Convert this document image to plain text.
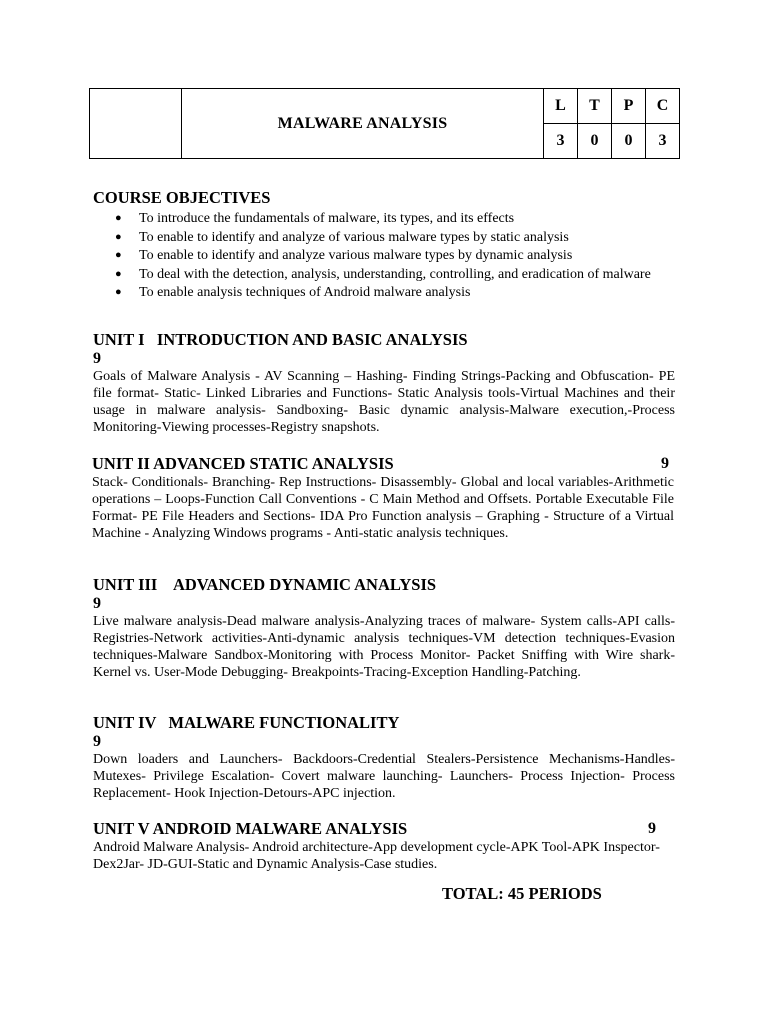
	MALWARE ANALYSIS	L	T	P	C
		3	0	0	3
COURSE OBJECTIVES
● To introduce the fundamentals of malware, its types, and its effects
● To enable to identify and analyze of various malware types by static analysis
● To enable to identify and analyze various malware types by dynamic analysis
● To deal with the detection, analysis, understanding, controlling, and eradication of malware
● To enable analysis techniques of Android malware analysis
UNIT I   INTRODUCTION AND BASIC ANALYSIS
9

Goals of Malware Analysis - AV Scanning – Hashing- Finding Strings-Packing and Obfuscation- PE file format- Static- Linked Libraries and Functions- Static Analysis tools-Virtual Machines and their usage in malware analysis- Sandboxing- Basic dynamic analysis-Malware execution,-Process Monitoring-Viewing processes-Registry snapshots.

UNIT II ADVANCED STATIC ANALYSIS	9

Stack- Conditionals- Branching- Rep Instructions- Disassembly- Global and local variables-Arithmetic operations – Loops-Function Call Conventions - C Main Method and Offsets. Portable Executable File Format- PE File Headers and Sections- IDA Pro Function analysis – Graphing - Structure of a Virtual Machine - Analyzing Windows programs - Anti-static analysis techniques.

UNIT III    ADVANCED DYNAMIC ANALYSIS
9

Live malware analysis-Dead malware analysis-Analyzing traces of malware- System calls-API calls-Registries-Network activities-Anti-dynamic analysis techniques-VM detection techniques-Evasion techniques-Malware Sandbox-Monitoring with Process Monitor- Packet Sniffing with Wire shark- Kernel vs. User-Mode Debugging- Breakpoints-Tracing-Exception Handling-Patching.

UNIT IV   MALWARE FUNCTIONALITY
9

Down loaders and Launchers- Backdoors-Credential Stealers-Persistence Mechanisms-Handles- Mutexes- Privilege Escalation- Covert malware launching- Launchers- Process Injection- Process Replacement- Hook Injection-Detours-APC injection.

UNIT V ANDROID MALWARE ANALYSIS	9

Android Malware Analysis- Android architecture-App development cycle-APK Tool-APK Inspector-Dex2Jar- JD-GUI-Static and Dynamic Analysis-Case studies.

TOTAL: 45 PERIODS
